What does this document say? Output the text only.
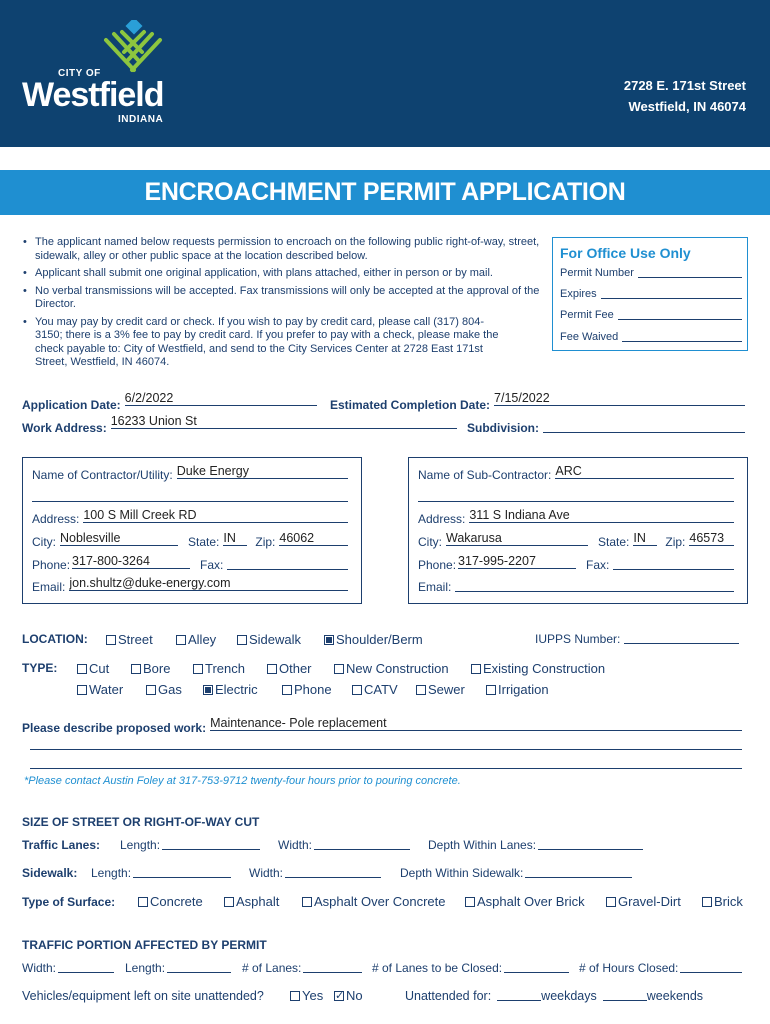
CITY OF
Westfield
INDIANA
2728 E. 171st Street
Westfield, IN 46074
ENCROACHMENT PERMIT APPLICATION
• The applicant named below requests permission to encroach on the following public right-of-way, street, sidewalk, alley or other public space at the location described below.
• Applicant shall submit one original application, with plans attached, either in person or by mail.
• No verbal transmissions will be accepted. Fax transmissions will only be accepted at the approval of the Director.
• You may pay by credit card or check. If you wish to pay by credit card, please call (317) 804-3150; there is a 3% fee to pay by credit card. If you prefer to pay with a check, please make the check payable to: City of Westfield, and send to the City Services Center at 2728 East 171st Street, Westfield, IN 46074.
For Office Use Only
Permit Number
Expires
Permit Fee
Fee Waived
Application Date: 6/2/2022	Estimated Completion Date: 7/15/2022
Work Address: 16233 Union St	Subdivision:
Name of Contractor/Utility: Duke Energy
Address: 100 S Mill Creek RD
City: Noblesville	State: IN	Zip: 46062
Phone: 317-800-3264	Fax:
Email: jon.shultz@duke-energy.com
Name of Sub-Contractor: ARC
Address: 311 S Indiana Ave
City: Wakarusa	State: IN	Zip: 46573
Phone: 317-995-2207	Fax:
Email:
LOCATION:	Street	Alley	Sidewalk	Shoulder/Berm	IUPPS Number:
TYPE:	Cut	Bore	Trench	Other	New Construction	Existing Construction
Water	Gas	Electric	Phone	CATV	Sewer	Irrigation
Please describe proposed work: Maintenance- Pole replacement
*Please contact Austin Foley at 317-753-9712 twenty-four hours prior to pouring concrete.
SIZE OF STREET OR RIGHT-OF-WAY CUT
Traffic Lanes: Length:	Width:	Depth Within Lanes:
Sidewalk: Length:	Width:	Depth Within Sidewalk:
Type of Surface:	Concrete	Asphalt	Asphalt Over Concrete	Asphalt Over Brick	Gravel-Dirt	Brick
TRAFFIC PORTION AFFECTED BY PERMIT
Width:	Length:	# of Lanes:	# of Lanes to be Closed:	# of Hours Closed:
Vehicles/equipment left on site unattended?	Yes
✓	No	Unattended for:	weekdays	weekends
